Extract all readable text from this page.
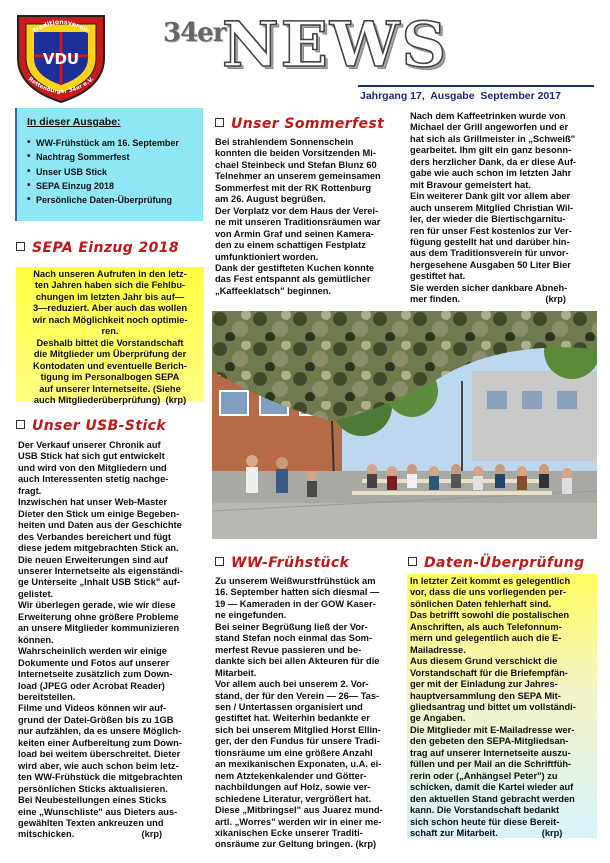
VDU
Traditionsverein
Rottenburger 34er e.V.
34er
NEWS
Jahrgang 17,  Ausgabe  September 2017
In dieser Ausgabe:
• WW-Frühstück am 16. September
• Nachtrag Sommerfest
• Unser USB Stick
• SEPA Einzug 2018
• Persönliche Daten-Überprüfung
SEPA Einzug 2018

Nach unseren Aufrufen in den letz-

ten Jahren haben sich die Fehlbu-

chungen im letzten Jahr bis auf—

3—reduziert. Aber auch das wollen

wir nach Möglichkeit noch optimie-

ren.

Deshalb bittet die Vorstandschaft

die Mitglieder um Überprüfung der

Kontodaten und eventuelle Berich-

tigung im Personalbogen SEPA

auf unserer Internetseite. (Siehe

auch Mitgliederüberprüfung)  (krp)

Unser USB-Stick

Der Verkauf unserer Chronik auf

USB Stick hat sich gut entwickelt

und wird von den Mitgliedern und

auch Interessenten stetig nachge-

fragt.

Inzwischen hat unser Web-Master

Dieter den Stick um einige Begeben-

heiten und Daten aus der Geschichte

des Verbandes bereichert und fügt

diese jedem mitgebrachten Stick an.

Die neuen Erweiterungen sind auf

unserer Internetseite als eigenständi-

ge Unterseite „Inhalt USB Stick" auf-

gelistet.

Wir überlegen gerade, wie wir diese

Erweiterung ohne größere Probleme

an unsere Mitglieder kommunizieren

können.

Wahrscheinlich werden wir einige

Dokumente und Fotos auf unserer

Internetseite zusätzlich zum Down-

load (JPEG oder Acrobat Reader)

bereitstellen.

Filme und Videos können wir auf-

grund der Datei-Größen bis zu 1GB

nur aufzählen, da es unsere Möglich-

keiten einer Aufbereitung zum Down-

load bei weitem überschreitet. Dieter

wird aber, wie auch schon beim letz-

ten WW-Frühstück die mitgebrachten

persönlichen Sticks aktualisieren.

Bei Neubestellungen eines Sticks

eine „Wunschliste" aus Dieters aus-

gewählten Texten ankreuzen und

mitschicken.                          (krp)

Unser Sommerfest

Bei strahlendem Sonnenschein

konnten die beiden Vorsitzenden Mi-

chael Steinbeck und Stefan Blunz 60

Telnehmer an unserem gemeinsamen

Sommerfest mit der RK Rottenburg

am 26. August begrüßen.

Der Vorplatz vor dem Haus der Verei-

ne mit unseren Traditionsräumen war

von Armin Graf und seinen Kamera-

den zu einem schattigen Festplatz

umfunktioniert worden.

Dank der gestifteten Kuchen konnte

das Fest entspannt als gemütlicher

„Kaffeeklatsch" beginnen.

Nach dem Kaffeetrinken wurde von

Michael der Grill angeworfen und er

hat sich als Grillmeister in „Schweiß"

gearbeitet. Ihm gilt ein ganz besonn-

ders herzlicher Dank, da er diese Auf-

gabe wie auch schon im letzten Jahr

mit Bravour gemeistert hat.

Ein weiterer Dank gilt vor allem aber

auch unserem Mitglied Christian Wil-

ler, der wieder die Biertischgarnitu-

ren für unser Fest kostenlos zur Ver-

fügung gestellt hat und darüber hin-

aus dem Traditionsverein für unvor-

hergesehene Ausgaben 50 Liter Bier

gestiftet hat.

Sie werden sicher dankbare Abneh-

mer finden.                                 (krp)

WW-Frühstück

Zu unserem Weißwurstfrühstück am

16. September hatten sich diesmal —

19 — Kameraden in der GOW Kaser-

ne eingefunden.

Bei seiner Begrüßung ließ der Vor-

stand Stefan noch einmal das Som-

merfest Revue passieren und be-

dankte sich bei allen Akteuren für die

Mitarbeit.

Vor allem auch bei unserem 2. Vor-

stand, der für den Verein — 26— Tas-

sen / Untertassen organisiert und

gestiftet hat. Weiterhin bedankte er

sich bei unserem Mitglied Horst Ellin-

ger, der den Fundus für unsere Tradi-

tionsräume um eine größere Anzahl

an mexikanischen Exponaten, u.A. ei-

nem Atztekenkalender und Götter-

nachbildungen auf Holz, sowie ver-

schiedene Literatur, vergrößert hat.

Diese „Mitbringsel" aus Juarez mund-

artl. „Worres" werden wir in einer me-

xikanischen Ecke unserer Traditi-

onsräume zur Geltung bringen. (krp)

Daten-Überprüfung

In letzter Zeit kommt es gelegentlich

vor, dass die uns vorliegenden per-

sönlichen Daten fehlerhaft sind.

Das betrifft sowohl die postalischen

Anschriften, als auch Telefonnum-

mern und gelegentlich auch die E-

Mailadresse.

Aus diesem Grund verschickt die

Vorstandschaft für die Briefempfän-

ger mit der Einladung zur Jahres-

hauptversammlung den SEPA Mit-

gliedsantrag und bittet um vollständi-

ge Angaben.

Die Mitglieder mit E-Mailadresse wer-

den gebeten den SEPA-Mitgliedsan-

trag auf unserer Internetseite auszu-

füllen und per Mail an die Schriftfüh-

rerin oder („Anhängsel Peter") zu

schicken, damit die Kartei wieder auf

den aktuellen Stand gebracht werden

kann. Die Vorstandschaft bedankt

sich schon heute für diese Bereit-

schaft zur Mitarbeit.                 (krp)
